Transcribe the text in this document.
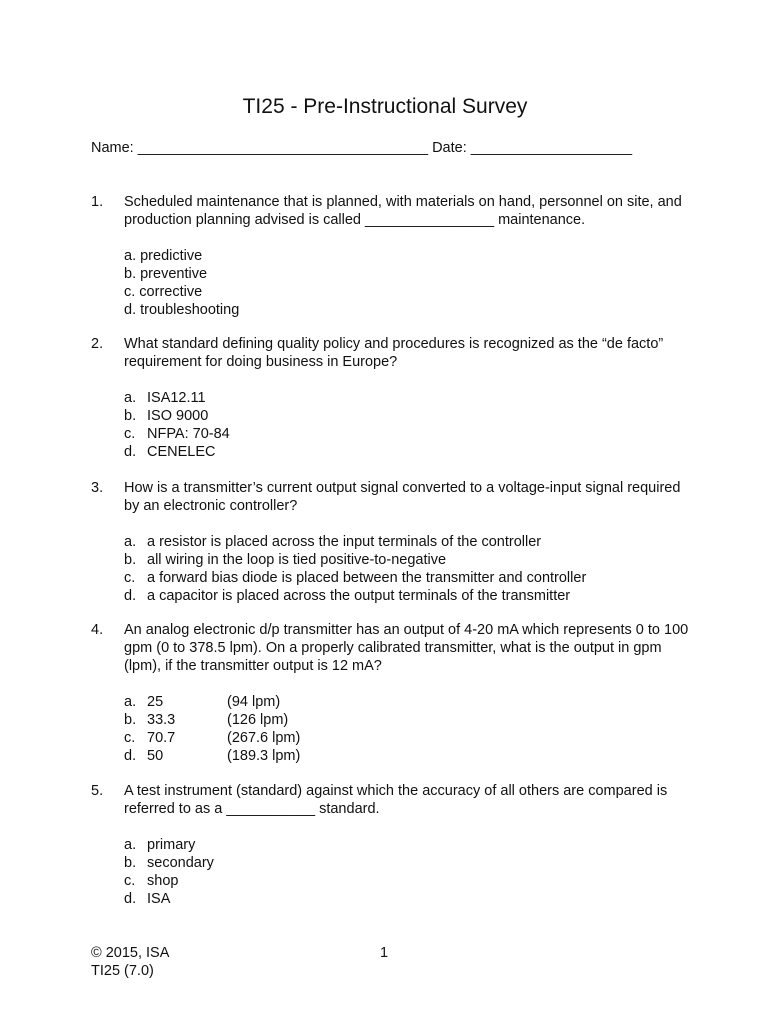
TI25 - Pre-Instructional Survey
Name: ____________________________________ Date: ____________________
1. Scheduled maintenance that is planned, with materials on hand, personnel on site, and production planning advised is called ________________ maintenance.
a. predictive
b. preventive
c. corrective
d. troubleshooting
2. What standard defining quality policy and procedures is recognized as the “de facto” requirement for doing business in Europe?
a. ISA12.11
b. ISO 9000
c. NFPA: 70-84
d. CENELEC
3. How is a transmitter’s current output signal converted to a voltage-input signal required by an electronic controller?
a. a resistor is placed across the input terminals of the controller
b. all wiring in the loop is tied positive-to-negative
c. a forward bias diode is placed between the transmitter and controller
d. a capacitor is placed across the output terminals of the transmitter
4. An analog electronic d/p transmitter has an output of 4-20 mA which represents 0 to 100 gpm (0 to 378.5 lpm). On a properly calibrated transmitter, what is the output in gpm (lpm), if the transmitter output is 12 mA?
a. 25	(94 lpm)
b. 33.3	(126 lpm)
c. 70.7	(267.6 lpm)
d. 50	(189.3 lpm)
5. A test instrument (standard) against which the accuracy of all others are compared is referred to as a ___________ standard.
a. primary
b. secondary
c. shop
d. ISA
© 2015, ISA
TI25 (7.0)
1
